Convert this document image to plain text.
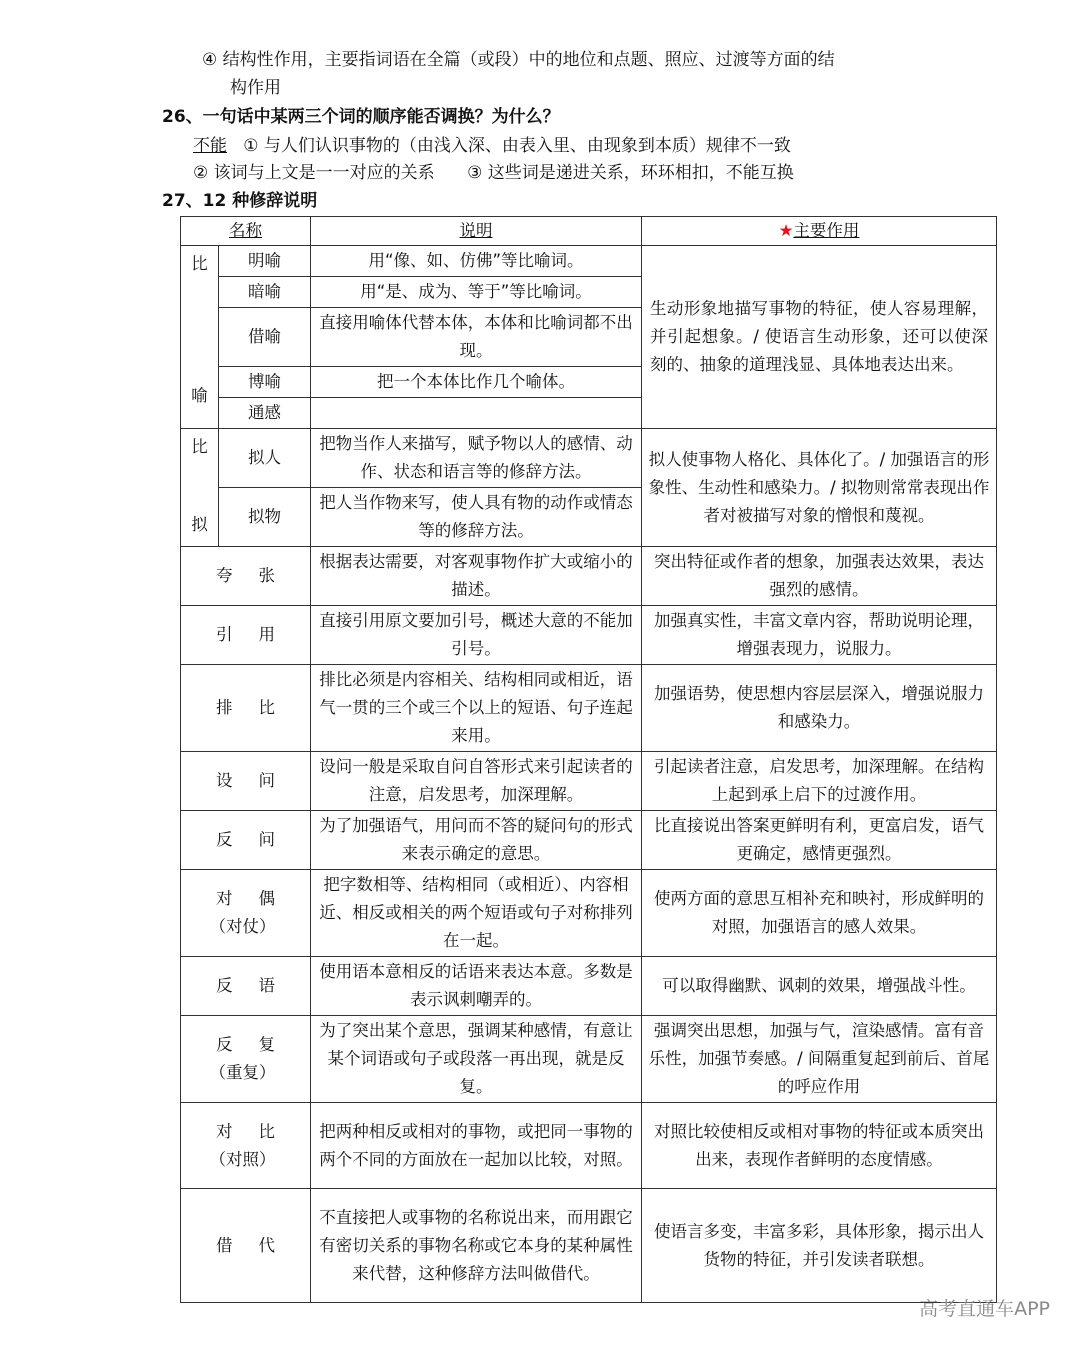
④ 结构性作用，主要指词语在全篇（或段）中的地位和点题、照应、过渡等方面的结
构作用
26、一句话中某两三个词的顺序能否调换？为什么？
不能 ① 与人们认识事物的（由浅入深、由表入里、由现象到本质）规律不一致
② 该词与上文是一一对应的关系 ③ 这些词是递进关系，环环相扣，不能互换
27、12 种修辞说明
名称		说明	★主要作用

比
喻	明喻	用“像、如、仿佛”等比喻词。	生动形象地描写事物的特征，使人容易理解，并引起想象。/ 使语言生动形象，还可以使深刻的、抽象的道理浅显、具体地表达出来。
	暗喻	用“是、成为、等于”等比喻词。	
	借喻	直接用喻体代替本体，本体和比喻词都不出现。	
	博喻	把一个本体比作几个喻体。	
	通感		

比
拟	拟人	把物当作人来描写，赋予物以人的感情、动作、状态和语言等的修辞方法。	拟人使事物人格化、具体化了。/ 加强语言的形象性、生动性和感染力。/ 拟物则常常表现出作者对被描写对象的憎恨和蔑视。
	拟物	把人当作物来写，使人具有物的动作或情态等的修辞方法。	
夸张		根据表达需要，对客观事物作扩大或缩小的描述。	突出特征或作者的想象，加强表达效果，表达强烈的感情。
引用		直接引用原文要加引号，概述大意的不能加引号。	加强真实性，丰富文章内容，帮助说明论理，增强表现力，说服力。
排比		排比必须是内容相关、结构相同或相近，语气一贯的三个或三个以上的短语、句子连起来用。	加强语势，使思想内容层层深入，增强说服力和感染力。
设问		设问一般是采取自问自答形式来引起读者的注意，启发思考，加深理解。	引起读者注意，启发思考，加深理解。在结构上起到承上启下的过渡作用。
反问		为了加强语气，用问而不答的疑问句的形式来表示确定的意思。	比直接说出答案更鲜明有利，更富启发，语气更确定，感情更强烈。

对偶
（对仗）		把字数相等、结构相同（或相近）、内容相近、相反或相关的两个短语或句子对称排列在一起。	使两方面的意思互相补充和映衬，形成鲜明的对照，加强语言的感人效果。
反语		使用语本意相反的话语来表达本意。多数是表示讽刺嘲弄的。	可以取得幽默、讽刺的效果，增强战斗性。

反复
（重复）		为了突出某个意思，强调某种感情，有意让某个词语或句子或段落一再出现，就是反复。	强调突出思想，加强与气，渲染感情。富有音乐性，加强节奏感。/ 间隔重复起到前后、首尾的呼应作用

对比
（对照）		把两种相反或相对的事物，或把同一事物的两个不同的方面放在一起加以比较，对照。	对照比较使相反或相对事物的特征或本质突出出来，表现作者鲜明的态度情感。
借代		不直接把人或事物的名称说出来，而用跟它有密切关系的事物名称或它本身的某种属性来代替，这种修辞方法叫做借代。	使语言多变，丰富多彩，具体形象，揭示出人货物的特征，并引发读者联想。
高考直通车APP
